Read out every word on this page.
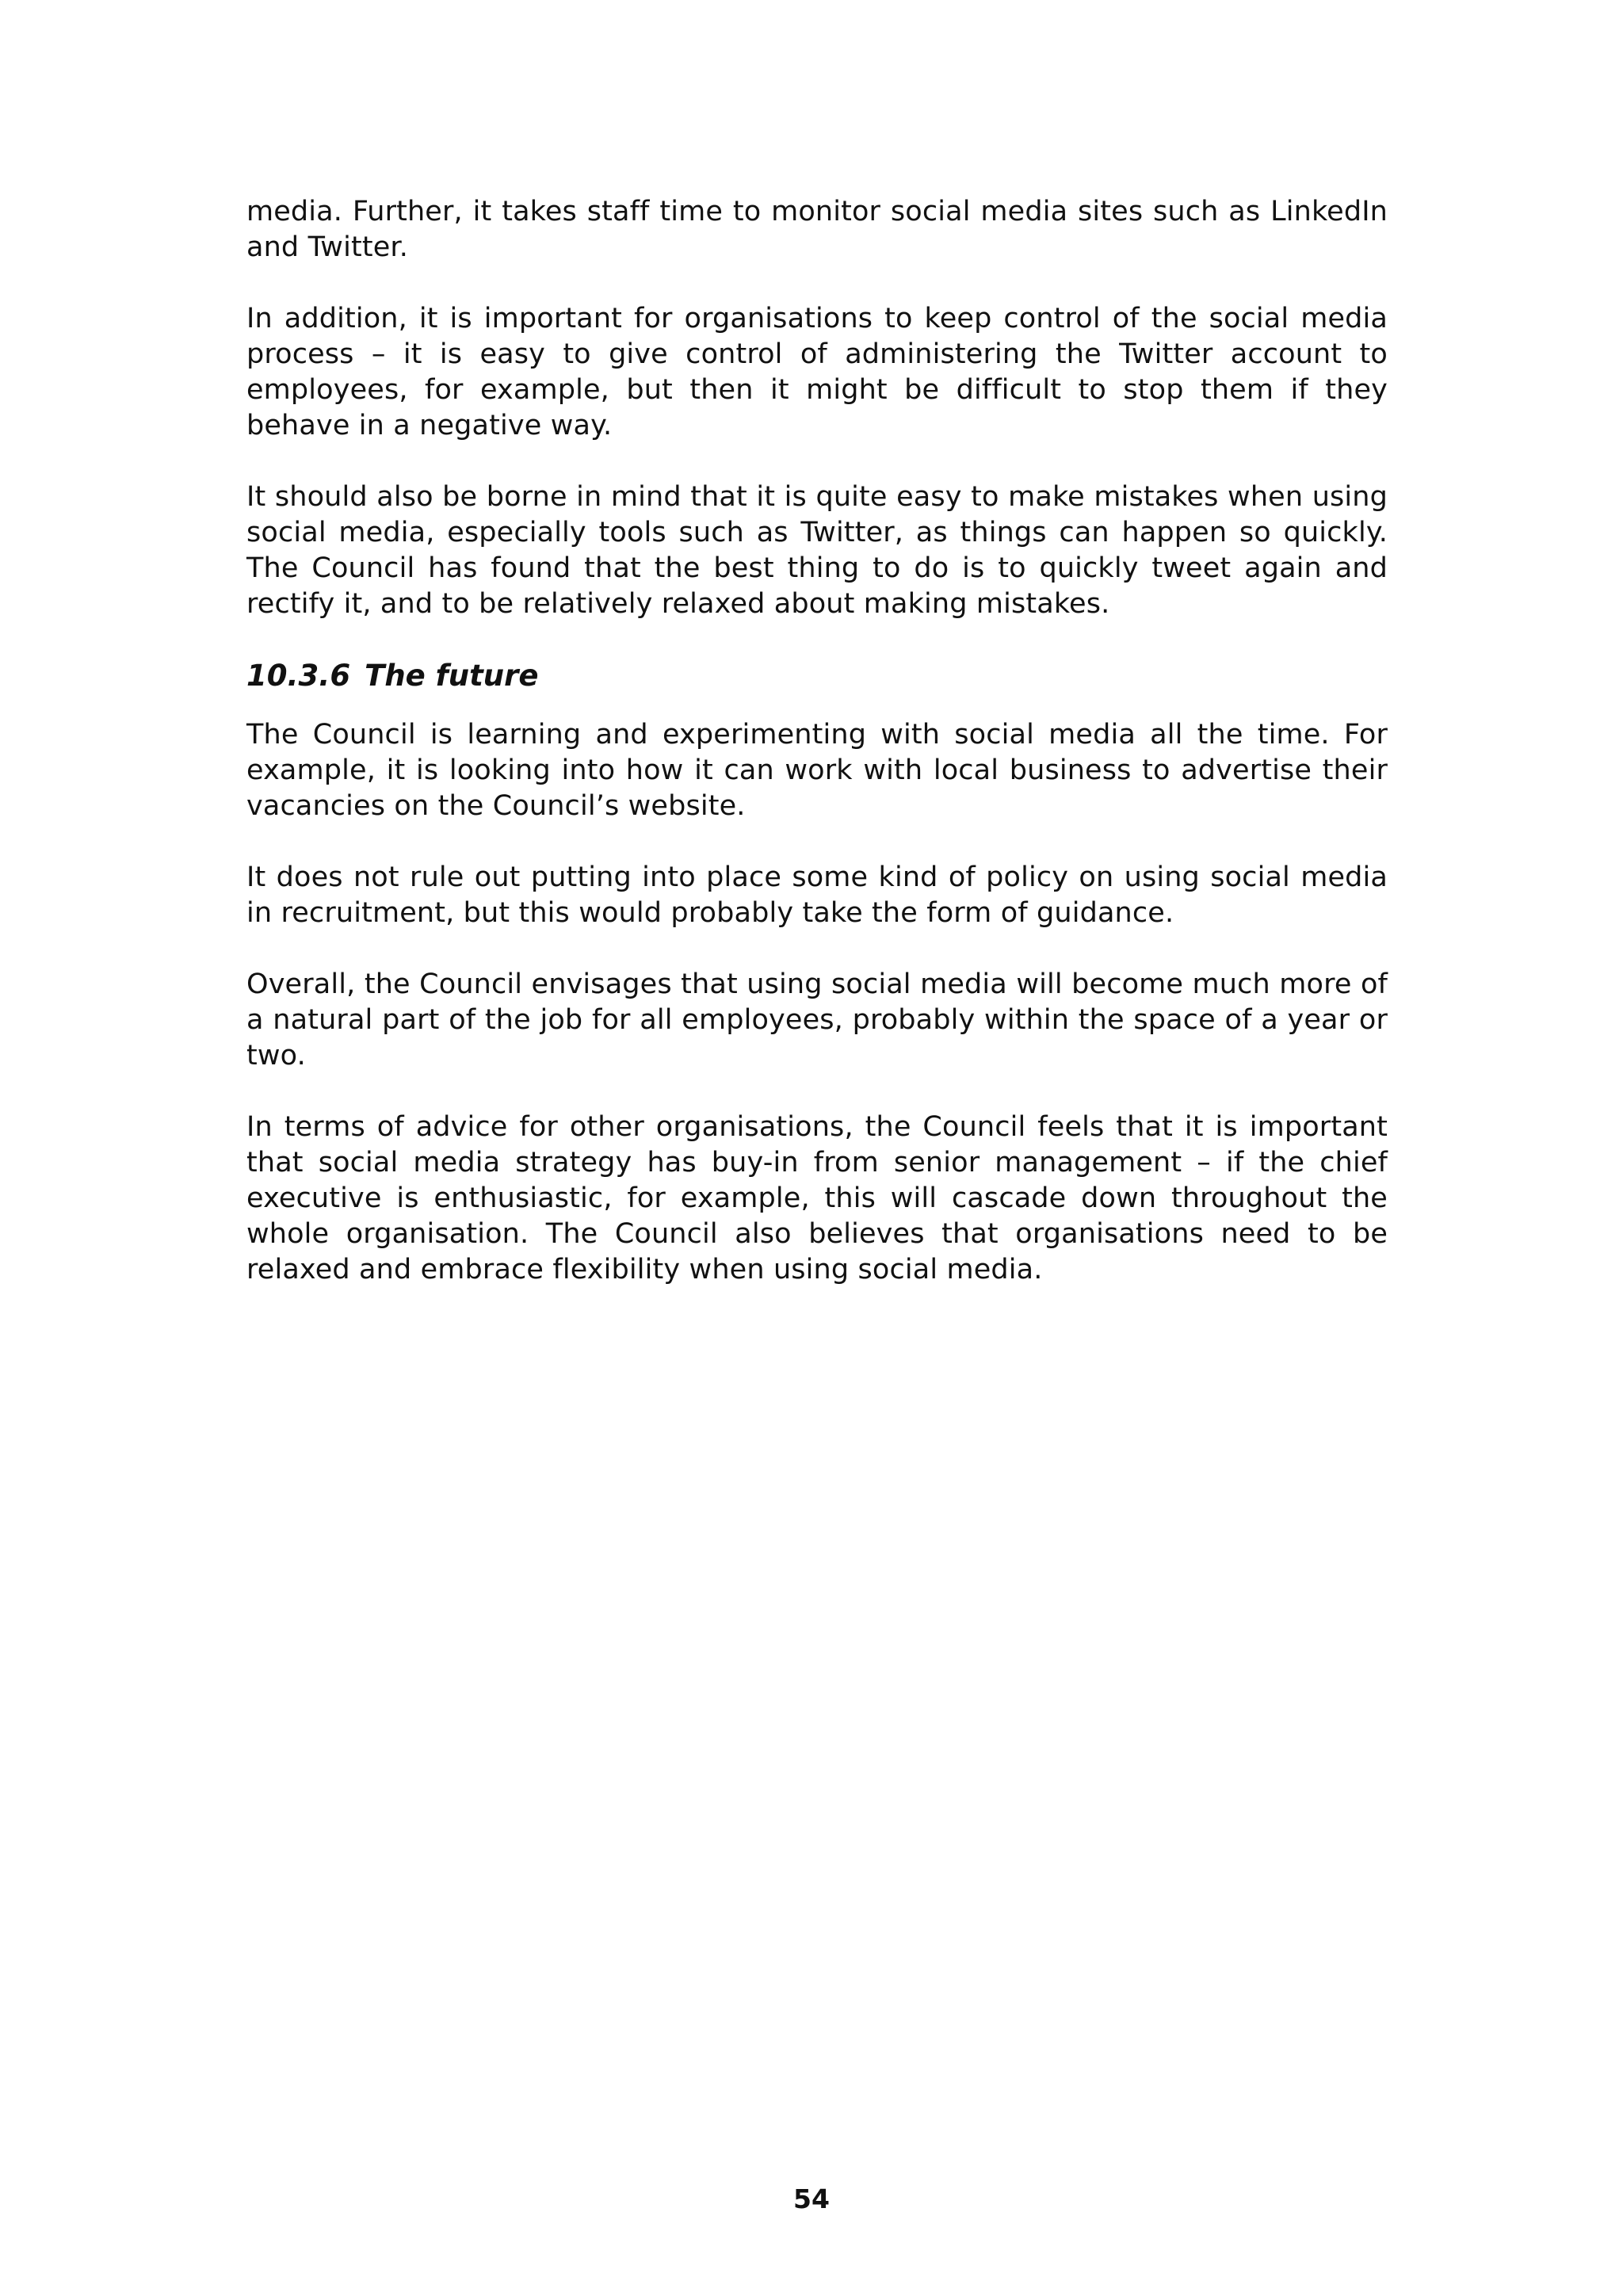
media. Further, it takes staff time to monitor social media sites such as LinkedIn and Twitter.

In addition, it is important for organisations to keep control of the social media process – it is easy to give control of administering the Twitter account to employees, for example, but then it might be difficult to stop them if they behave in a negative way.

It should also be borne in mind that it is quite easy to make mistakes when using social media, especially tools such as Twitter, as things can happen so quickly. The Council has found that the best thing to do is to quickly tweet again and rectify it, and to be relatively relaxed about making mistakes.

10.3.6 The future

The Council is learning and experimenting with social media all the time. For example, it is looking into how it can work with local business to advertise their vacancies on the Council’s website.

It does not rule out putting into place some kind of policy on using social media in recruitment, but this would probably take the form of guidance.

Overall, the Council envisages that using social media will become much more of a natural part of the job for all employees, probably within the space of a year or two.

In terms of advice for other organisations, the Council feels that it is important that social media strategy has buy-in from senior management – if the chief executive is enthusiastic, for example, this will cascade down throughout the whole organisation. The Council also believes that organisations need to be relaxed and embrace flexibility when using social media.

54
